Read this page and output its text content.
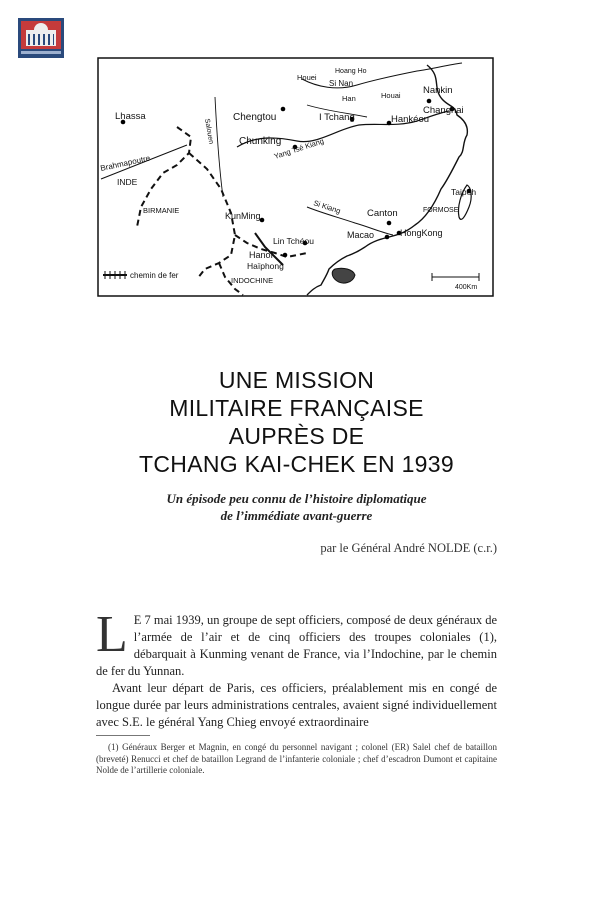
Hoang Ho
Houei
Si Nan
Han	Houai Nankin
Changhai
Lhassa	Chengtou	I Tchang	Hankéou
Chunking
Yang Tsé Kiang
Brahmapoutre
Salouen
INDE
BIRMANIE
KunMing
Si Kiang	Canton
Taipeh
FORMOSE
Macao	HongKong
Lin Tchéou
Hanoï
Haïphong
INDOCHINE
chemin de fer
400Km
UNE MISSION
MILITAIRE FRANÇAISE
AUPRÈS DE
TCHANG KAI-CHEK EN 1939
Un épisode peu connu de l’histoire diplomatique
de l’immédiate avant-guerre
par le Général André NOLDE (c.r.)

L E 7 mai 1939, un groupe de sept officiers, composé de deux généraux de l’armée de l’air et de cinq officiers des troupes coloniales (1), débarquait à Kunming venant de France, via l’Indochine, par le chemin de fer du Yunnan.

Avant leur départ de Paris, ces officiers, préalablement mis en congé de longue durée par leurs administrations centrales, avaient signé individuellement avec S.E. le général Yang Chieg envoyé extraordinaire

(1) Généraux Berger et Magnin, en congé du personnel navigant ; colonel (ER) Salel chef de bataillon (breveté) Renucci et chef de bataillon Legrand de l’infanterie coloniale ; chef d’escadron Dumont et capitaine Nolde de l’artillerie coloniale.
